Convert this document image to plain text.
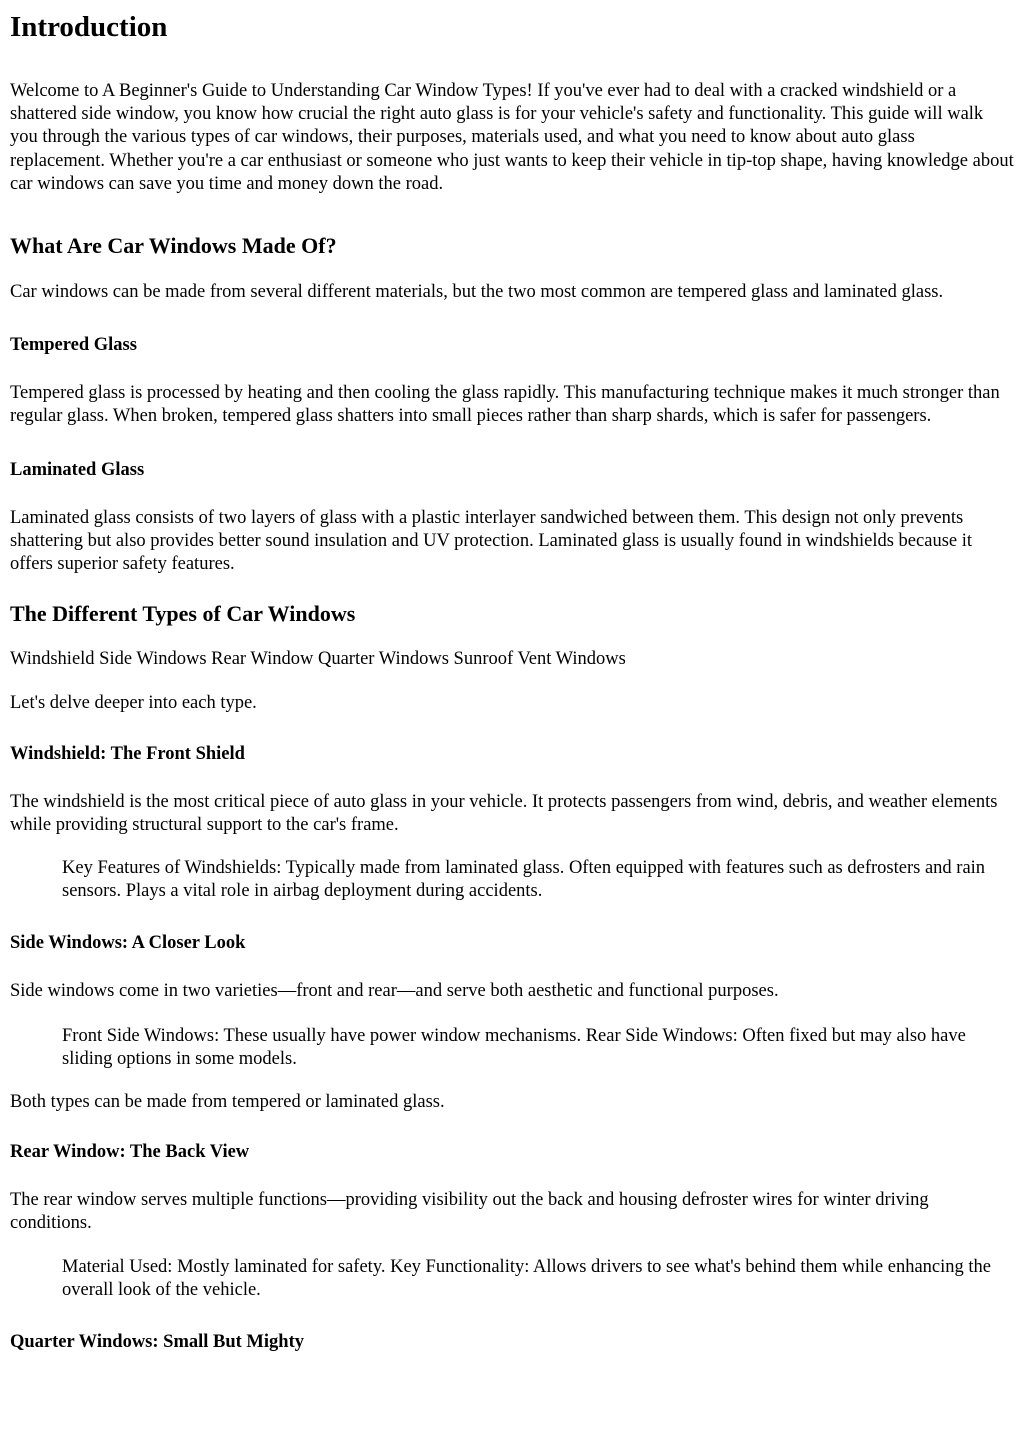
Introduction

Welcome to A Beginner's Guide to Understanding Car Window Types! If you've ever had to deal with a cracked windshield or a shattered side window, you know how crucial the right auto glass is for your vehicle's safety and functionality. This guide will walk you through the various types of car windows, their purposes, materials used, and what you need to know about auto glass replacement. Whether you're a car enthusiast or someone who just wants to keep their vehicle in tip-top shape, having knowledge about car windows can save you time and money down the road.

What Are Car Windows Made Of?

Car windows can be made from several different materials, but the two most common are tempered glass and laminated glass.

Tempered Glass

Tempered glass is processed by heating and then cooling the glass rapidly. This manufacturing technique makes it much stronger than regular glass. When broken, tempered glass shatters into small pieces rather than sharp shards, which is safer for passengers.

Laminated Glass

Laminated glass consists of two layers of glass with a plastic interlayer sandwiched between them. This design not only prevents shattering but also provides better sound insulation and UV protection. Laminated glass is usually found in windshields because it offers superior safety features.

The Different Types of Car Windows

Windshield Side Windows Rear Window Quarter Windows Sunroof Vent Windows

Let's delve deeper into each type.

Windshield: The Front Shield

The windshield is the most critical piece of auto glass in your vehicle. It protects passengers from wind, debris, and weather elements while providing structural support to the car's frame.

Key Features of Windshields: Typically made from laminated glass. Often equipped with features such as defrosters and rain sensors. Plays a vital role in airbag deployment during accidents.
Side Windows: A Closer Look

Side windows come in two varieties—front and rear—and serve both aesthetic and functional purposes.

Front Side Windows: These usually have power window mechanisms. Rear Side Windows: Often fixed but may also have sliding options in some models.

Both types can be made from tempered or laminated glass.

Rear Window: The Back View

The rear window serves multiple functions—providing visibility out the back and housing defroster wires for winter driving conditions.

Material Used: Mostly laminated for safety. Key Functionality: Allows drivers to see what's behind them while enhancing the overall look of the vehicle.
Quarter Windows: Small But Mighty
